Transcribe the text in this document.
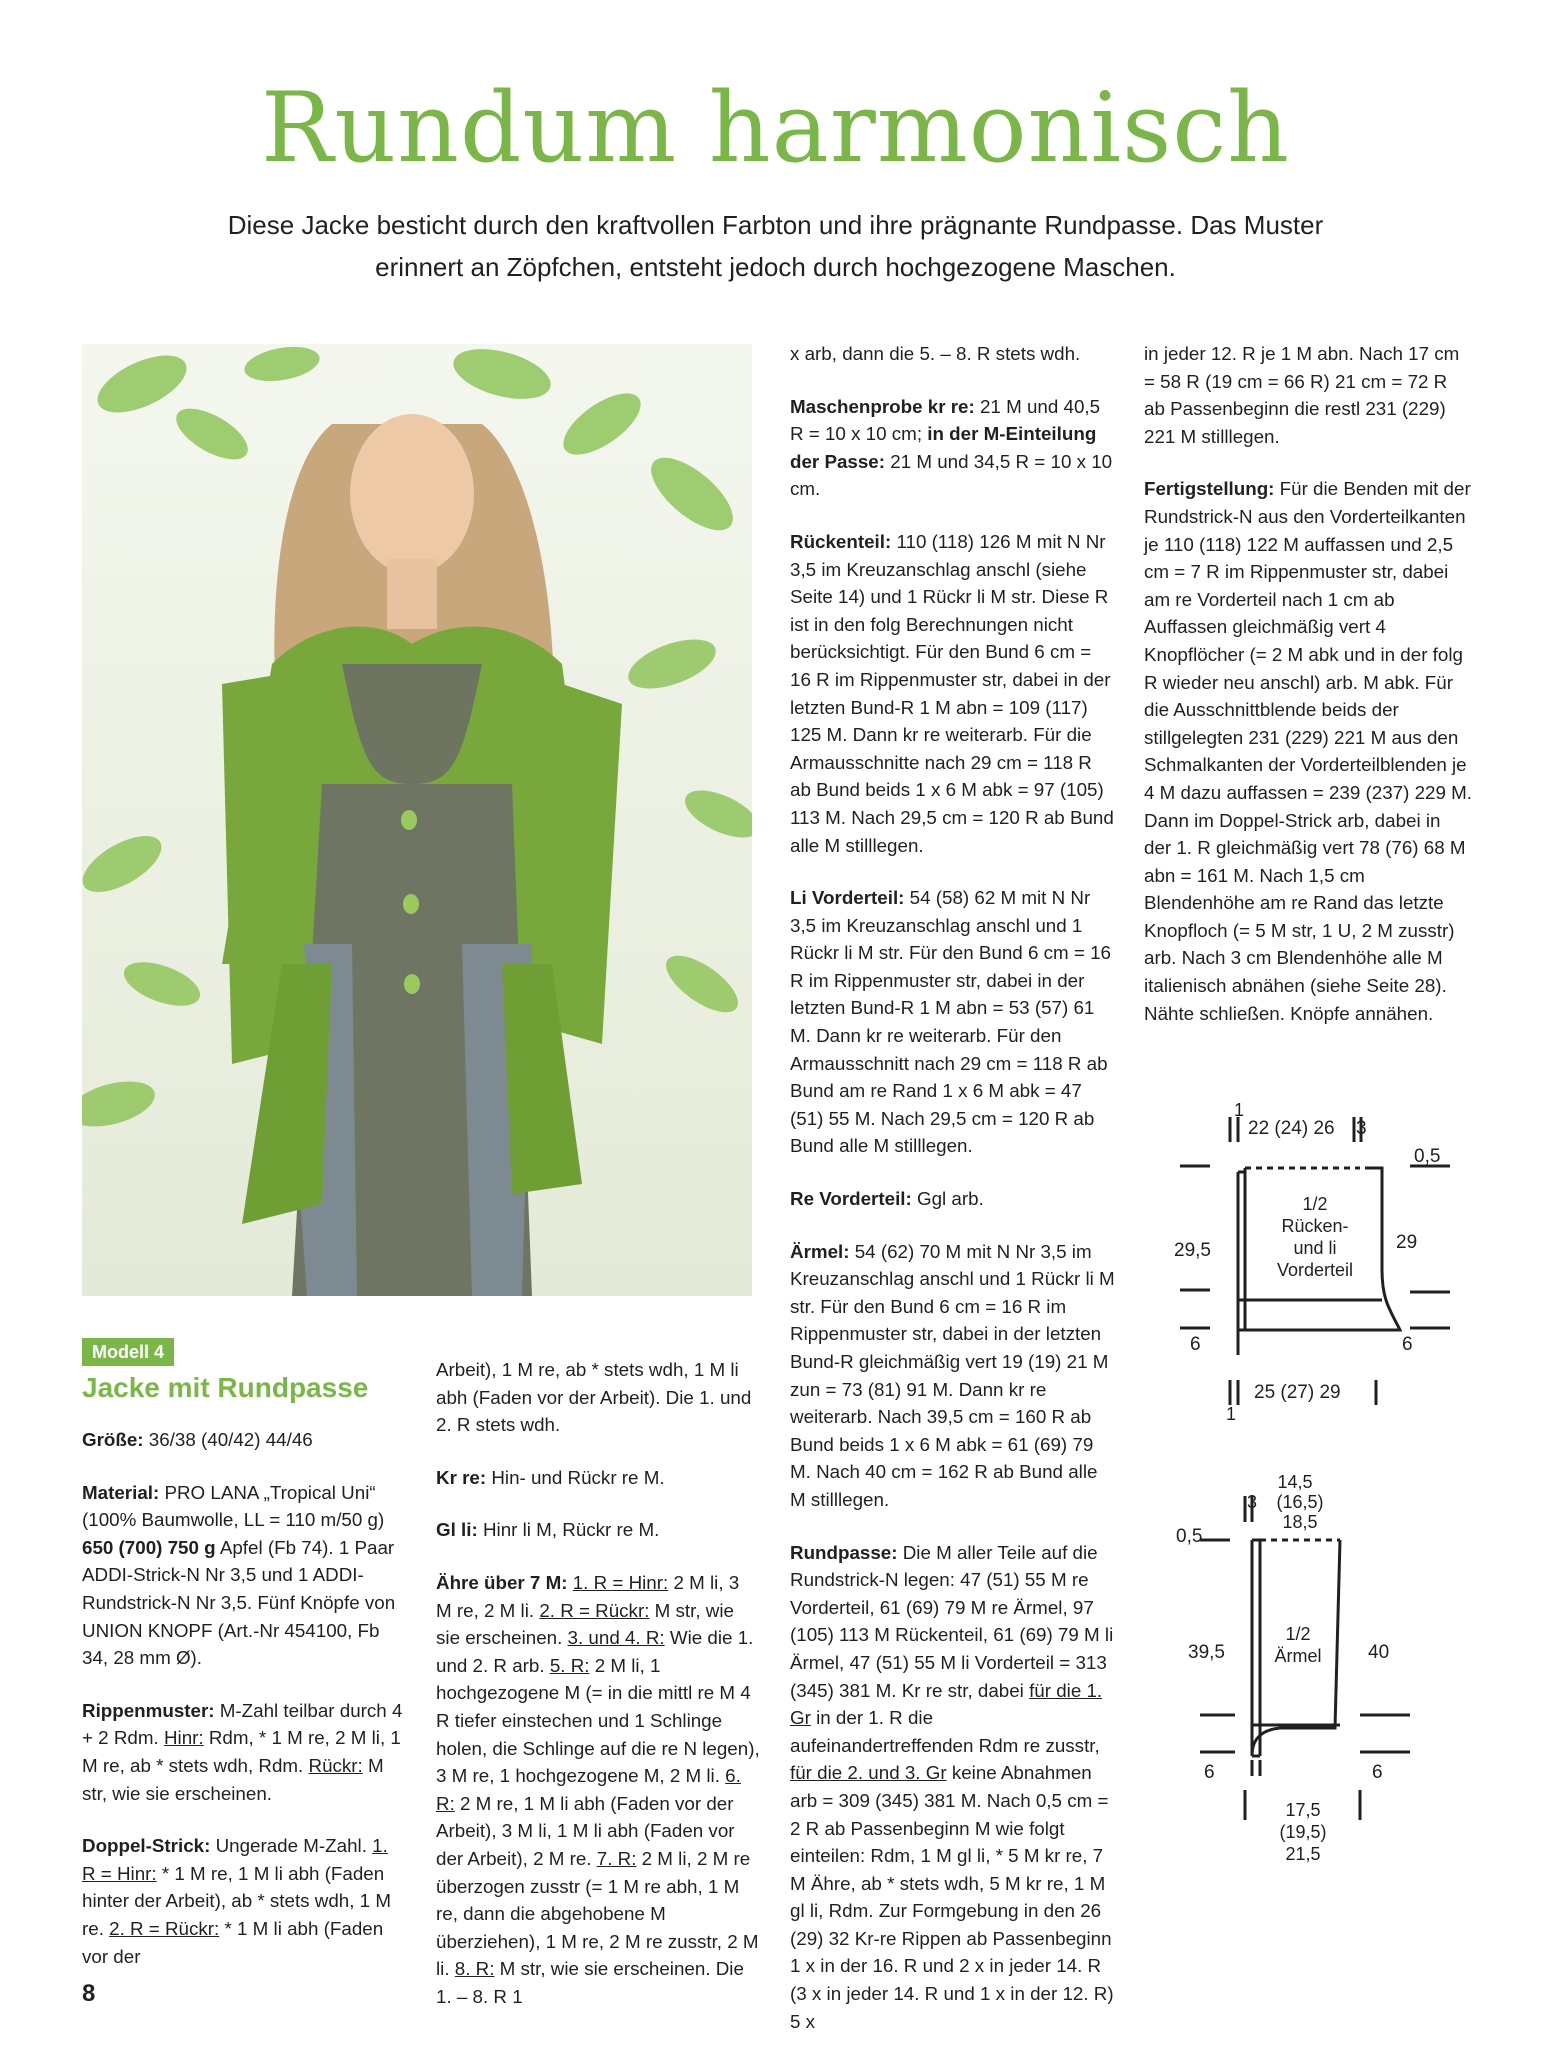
Rundum harmonisch
Diese Jacke besticht durch den kraftvollen Farbton und ihre prägnante Rundpasse. Das Muster
erinnert an Zöpfchen, entsteht jedoch durch hochgezogene Maschen.
Modell 4
Jacke mit Rundpasse

Größe: 36/38 (40/42) 44/46

Material: PRO LANA „Tropical Uni“ (100% Baumwolle, LL = 110 m/50 g) 650 (700) 750 g Apfel (Fb 74). 1 Paar ADDI-Strick-N Nr 3,5 und 1 ADDI-Rundstrick-N Nr 3,5. Fünf Knöpfe von UNION KNOPF (Art.-Nr 454100, Fb 34, 28 mm Ø).

Rippenmuster: M-Zahl teilbar durch 4 + 2 Rdm. Hinr: Rdm, * 1 M re, 2 M li, 1 M re, ab * stets wdh, Rdm. Rückr: M str, wie sie erscheinen.

Doppel-Strick: Ungerade M-Zahl. 1. R = Hinr: * 1 M re, 1 M li abh (Faden hinter der Arbeit), ab * stets wdh, 1 M re. 2. R = Rückr: * 1 M li abh (Faden vor der

Arbeit), 1 M re, ab * stets wdh, 1 M li abh (Faden vor der Arbeit). Die 1. und 2. R stets wdh.

Kr re: Hin- und Rückr re M.

Gl li: Hinr li M, Rückr re M.

Ähre über 7 M: 1. R = Hinr: 2 M li, 3 M re, 2 M li. 2. R = Rückr: M str, wie sie erscheinen. 3. und 4. R: Wie die 1. und 2. R arb. 5. R: 2 M li, 1 hochgezogene M (= in die mittl re M 4 R tiefer einstechen und 1 Schlinge holen, die Schlinge auf die re N legen), 3 M re, 1 hochgezogene M, 2 M li. 6. R: 2 M re, 1 M li abh (Faden vor der Arbeit), 3 M li, 1 M li abh (Faden vor der Arbeit), 2 M re. 7. R: 2 M li, 2 M re überzogen zusstr (= 1 M re abh, 1 M re, dann die abgehobene M überziehen), 1 M re, 2 M re zusstr, 2 M li. 8. R: M str, wie sie erscheinen. Die 1. – 8. R 1

x arb, dann die 5. – 8. R stets wdh.

Maschenprobe kr re: 21 M und 40,5 R = 10 x 10 cm; in der M-Einteilung der Passe: 21 M und 34,5 R = 10 x 10 cm.

Rückenteil: 110 (118) 126 M mit N Nr 3,5 im Kreuzanschlag anschl (siehe Seite 14) und 1 Rückr li M str. Diese R ist in den folg Berechnungen nicht berücksichtigt. Für den Bund 6 cm = 16 R im Rippenmuster str, dabei in der letzten Bund-R 1 M abn = 109 (117) 125 M. Dann kr re weiterarb. Für die Armausschnitte nach 29 cm = 118 R ab Bund beids 1 x 6 M abk = 97 (105) 113 M. Nach 29,5 cm = 120 R ab Bund alle M stilllegen.

Li Vorderteil: 54 (58) 62 M mit N Nr 3,5 im Kreuzanschlag anschl und 1 Rückr li M str. Für den Bund 6 cm = 16 R im Rippenmuster str, dabei in der letzten Bund-R 1 M abn = 53 (57) 61 M. Dann kr re weiterarb. Für den Armausschnitt nach 29 cm = 118 R ab Bund am re Rand 1 x 6 M abk = 47 (51) 55 M. Nach 29,5 cm = 120 R ab Bund alle M stilllegen.

Re Vorderteil: Ggl arb.

Ärmel: 54 (62) 70 M mit N Nr 3,5 im Kreuzanschlag anschl und 1 Rückr li M str. Für den Bund 6 cm = 16 R im Rippenmuster str, dabei in der letzten Bund-R gleichmäßig vert 19 (19) 21 M zun = 73 (81) 91 M. Dann kr re weiterarb. Nach 39,5 cm = 160 R ab Bund beids 1 x 6 M abk = 61 (69) 79 M. Nach 40 cm = 162 R ab Bund alle M stilllegen.

Rundpasse: Die M aller Teile auf die Rundstrick-N legen: 47 (51) 55 M re Vorderteil, 61 (69) 79 M re Ärmel, 97 (105) 113 M Rückenteil, 61 (69) 79 M li Ärmel, 47 (51) 55 M li Vorderteil = 313 (345) 381 M. Kr re str, dabei für die 1. Gr in der 1. R die aufeinandertreffenden Rdm re zusstr, für die 2. und 3. Gr keine Abnahmen arb = 309 (345) 381 M. Nach 0,5 cm = 2 R ab Passenbeginn M wie folgt einteilen: Rdm, 1 M gl li, * 5 M kr re, 7 M Ähre, ab * stets wdh, 5 M kr re, 1 M gl li, Rdm. Zur Formgebung in den 26 (29) 32 Kr-re Rippen ab Passenbeginn 1 x in der 16. R und 2 x in jeder 14. R (3 x in jeder 14. R und 1 x in der 12. R) 5 x

in jeder 12. R je 1 M abn. Nach 17 cm = 58 R (19 cm = 66 R) 21 cm = 72 R ab Passenbeginn die restl 231 (229) 221 M stilllegen.

Fertigstellung: Für die Benden mit der Rundstrick-N aus den Vorderteilkanten je 110 (118) 122 M auffassen und 2,5 cm = 7 R im Rippenmuster str, dabei am re Vorderteil nach 1 cm ab Auffassen gleichmäßig vert 4 Knopflöcher (= 2 M abk und in der folg R wieder neu anschl) arb. M abk. Für die Ausschnittblende beids der stillgelegten 231 (229) 221 M aus den Schmalkanten der Vorderteilblenden je 4 M dazu auffassen = 239 (237) 229 M. Dann im Doppel-Strick arb, dabei in der 1. R gleichmäßig vert 78 (76) 68 M abn = 161 M. Nach 1,5 cm Blendenhöhe am re Rand das letzte Knopfloch (= 5 M str, 1 U, 2 M zusstr) arb. Nach 3 cm Blendenhöhe alle M italienisch abnähen (siehe Seite 28). Nähte schließen. Knöpfe annähen.

1
22 (24) 26 3
0,5
29,5	29
1/2
Rücken-
und li
Vorderteil
6	6
25 (27) 29
1
14,5
3 (16,5)
18,5
0,5
39,5	40
1/2
Ärmel
6	6
17,5
(19,5)
21,5
8
